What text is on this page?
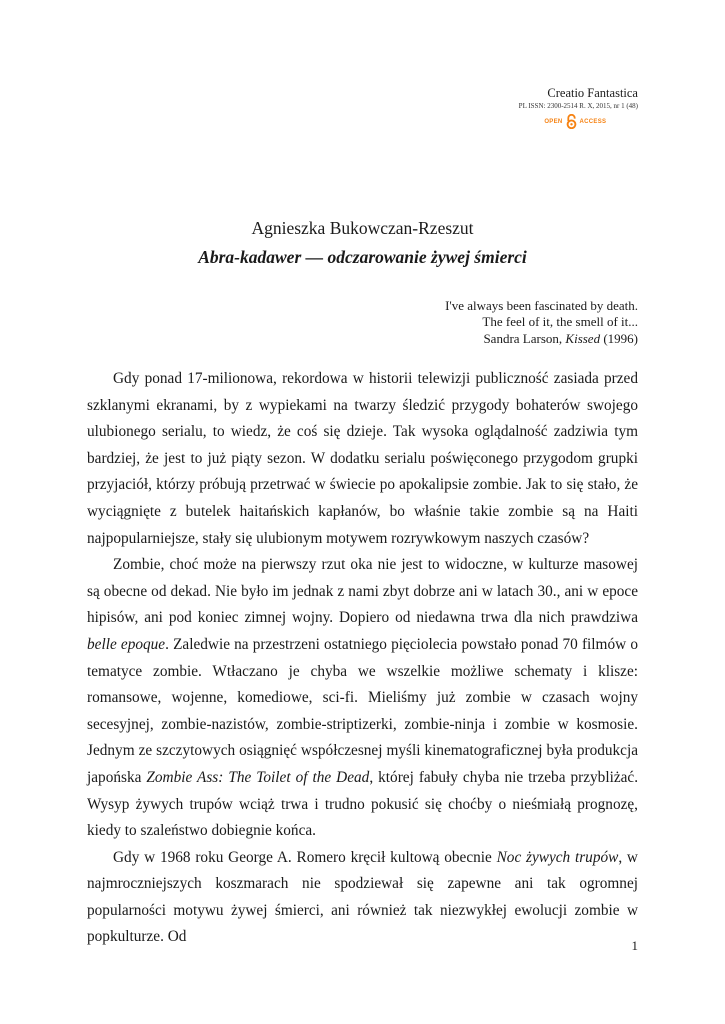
Creatio Fantastica
PL ISSN: 2300-2514 R. X, 2015, nr 1 (48)
OPEN	ACCESS
Agnieszka Bukowczan-Rzeszut
Abra-kadawer — odczarowanie żywej śmierci
I've always been fascinated by death.
The feel of it, the smell of it...
Sandra Larson, Kissed (1996)

Gdy ponad 17-milionowa, rekordowa w historii telewizji publiczność zasiada przed szklanymi ekranami, by z wypiekami na twarzy śledzić przygody bohaterów swojego ulubionego serialu, to wiedz, że coś się dzieje. Tak wysoka oglądalność zadziwia tym bardziej, że jest to już piąty sezon. W dodatku serialu poświęconego przygodom grupki przyjaciół, którzy próbują przetrwać w świecie po apokalipsie zombie. Jak to się stało, że wyciągnięte z butelek haitańskich kapłanów, bo właśnie takie zombie są na Haiti najpopularniejsze, stały się ulubionym motywem rozrywkowym naszych czasów?

Zombie, choć może na pierwszy rzut oka nie jest to widoczne, w kulturze masowej są obecne od dekad. Nie było im jednak z nami zbyt dobrze ani w latach 30., ani w epoce hipisów, ani pod koniec zimnej wojny. Dopiero od niedawna trwa dla nich prawdziwa belle epoque. Zaledwie na przestrzeni ostatniego pięciolecia powstało ponad 70 filmów o tematyce zombie. Wtłaczano je chyba we wszelkie możliwe schematy i klisze: romansowe, wojenne, komediowe, sci-fi. Mieliśmy już zombie w czasach wojny secesyjnej, zombie-nazistów, zombie-striptizerki, zombie-ninja i zombie w kosmosie. Jednym ze szczytowych osiągnięć współczesnej myśli kinematograficznej była produkcja japońska Zombie Ass: The Toilet of the Dead, której fabuły chyba nie trzeba przybliżać. Wysyp żywych trupów wciąż trwa i trudno pokusić się choćby o nieśmiałą prognozę, kiedy to szaleństwo dobiegnie końca.

Gdy w 1968 roku George A. Romero kręcił kultową obecnie Noc żywych trupów, w najmroczniejszych koszmarach nie spodziewał się zapewne ani tak ogromnej popularności motywu żywej śmierci, ani również tak niezwykłej ewolucji zombie w popkulturze. Od

1
